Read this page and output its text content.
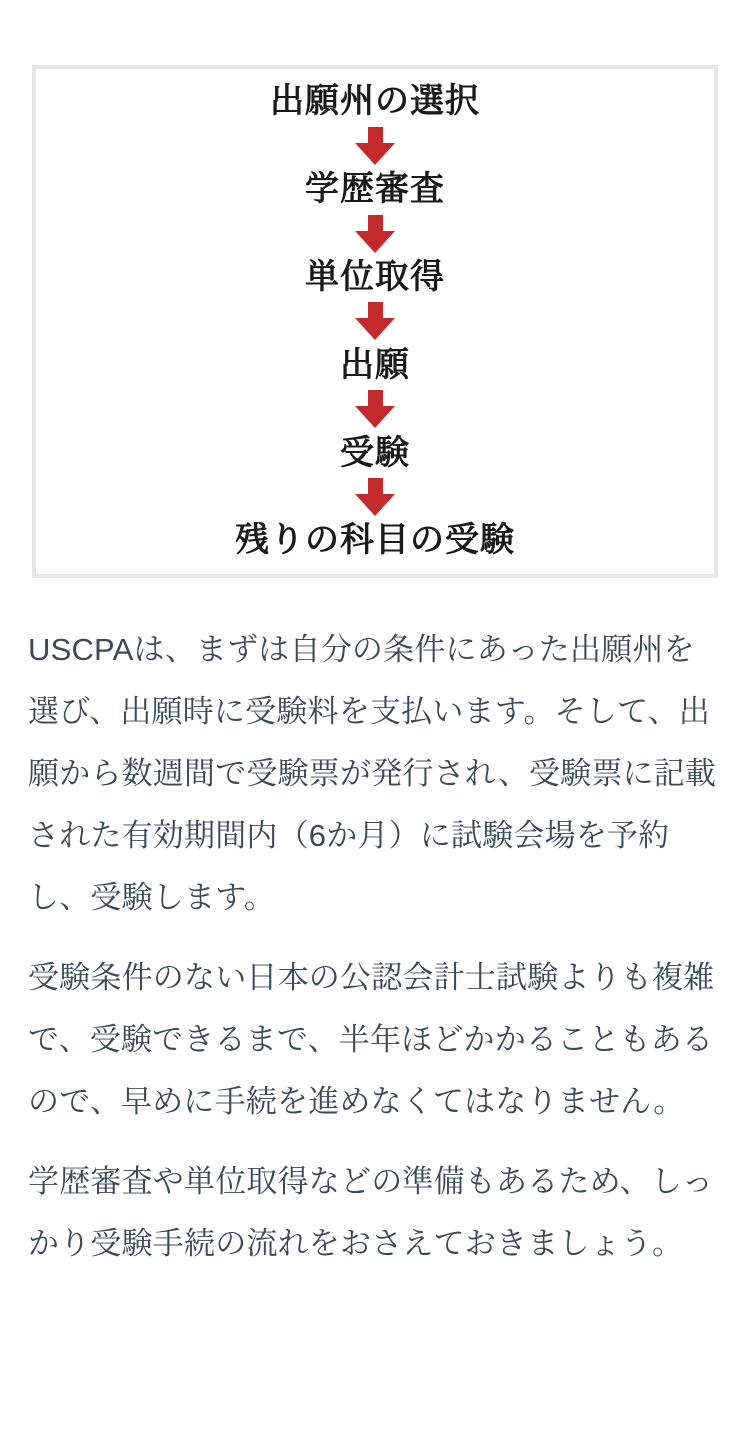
出願州の選択
学歴審査
単位取得
出願
受験
残りの科目の受験

USCPAは、まずは自分の条件にあった出願州を選び、出願時に受験料を支払います。そして、出願から数週間で受験票が発行され、受験票に記載された有効期間内（6か月）に試験会場を予約し、受験します。

受験条件のない日本の公認会計士試験よりも複雑で、受験できるまで、半年ほどかかることもあるので、早めに手続を進めなくてはなりません。

学歴審査や単位取得などの準備もあるため、しっかり受験手続の流れをおさえておきましょう。
